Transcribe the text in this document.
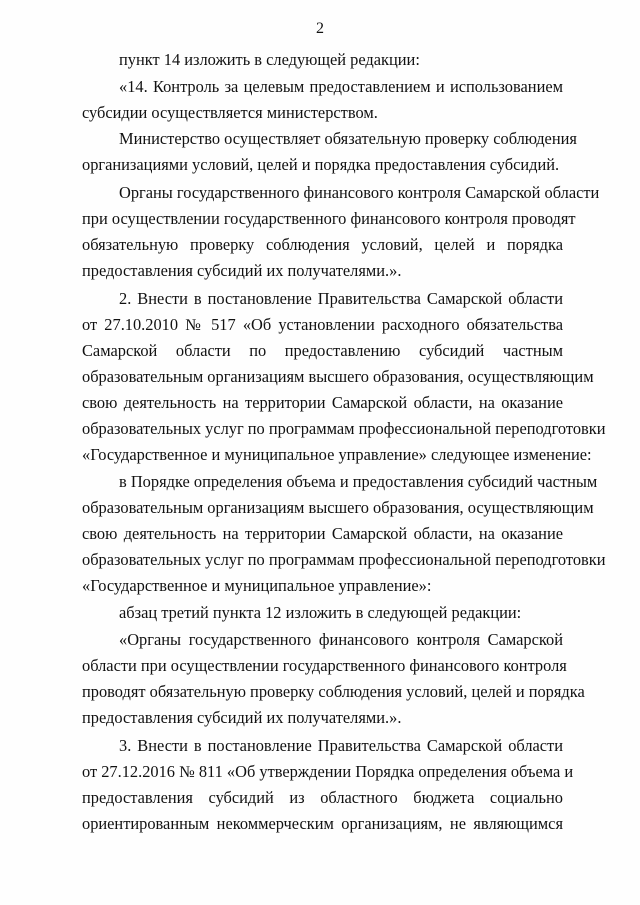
2
пункт 14 изложить в следующей редакции:
«14. Контроль за целевым предоставлением и использованием
субсидии осуществляется министерством.
Министерство осуществляет обязательную проверку соблюдения
организациями условий, целей и порядка предоставления субсидий.
Органы государственного финансового контроля Самарской области
при осуществлении государственного финансового контроля проводят
обязательную проверку соблюдения условий, целей и порядка
предоставления субсидий их получателями.».
2. Внести в постановление Правительства Самарской области
от 27.10.2010 № 517 «Об установлении расходного обязательства
Самарской области по предоставлению субсидий частным
образовательным организациям высшего образования, осуществляющим
свою деятельность на территории Самарской области, на оказание
образовательных услуг по программам профессиональной переподготовки
«Государственное и муниципальное управление» следующее изменение:
в Порядке определения объема и предоставления субсидий частным
образовательным организациям высшего образования, осуществляющим
свою деятельность на территории Самарской области, на оказание
образовательных услуг по программам профессиональной переподготовки
«Государственное и муниципальное управление»:
абзац третий пункта 12 изложить в следующей редакции:
«Органы государственного финансового контроля Самарской
области при осуществлении государственного финансового контроля
проводят обязательную проверку соблюдения условий, целей и порядка
предоставления субсидий их получателями.».
3. Внести в постановление Правительства Самарской области
от 27.12.2016 № 811 «Об утверждении Порядка определения объема и
предоставления субсидий из областного бюджета социально
ориентированным некоммерческим организациям, не являющимся
